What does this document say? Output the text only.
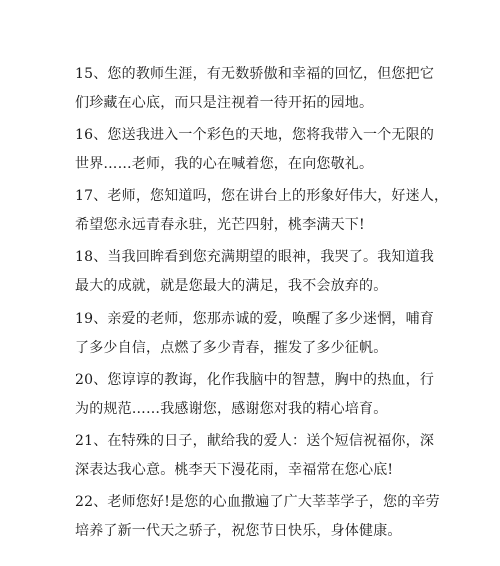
15、您的教师生涯，有无数骄傲和幸福的回忆，但您把它
们珍藏在心底，而只是注视着一待开拓的园地。

16、您送我进入一个彩色的天地，您将我带入一个无限的
世界……老师，我的心在喊着您，在向您敬礼。

17、老师，您知道吗，您在讲台上的形象好伟大，好迷人，
希望您永远青春永驻，光芒四射，桃李满天下!

18、当我回眸看到您充满期望的眼神，我哭了。我知道我
最大的成就，就是您最大的满足，我不会放弃的。

19、亲爱的老师，您那赤诚的爱，唤醒了多少迷惘，哺育
了多少自信，点燃了多少青春，摧发了多少征帆。

20、您谆谆的教诲，化作我脑中的智慧，胸中的热血，行
为的规范……我感谢您，感谢您对我的精心培育。

21、在特殊的日子，献给我的爱人：送个短信祝福你，深
深表达我心意。桃李天下漫花雨，幸福常在您心底!

22、老师您好!是您的心血撒遍了广大莘莘学子，您的辛劳
培养了新一代天之骄子，祝您节日快乐，身体健康。
